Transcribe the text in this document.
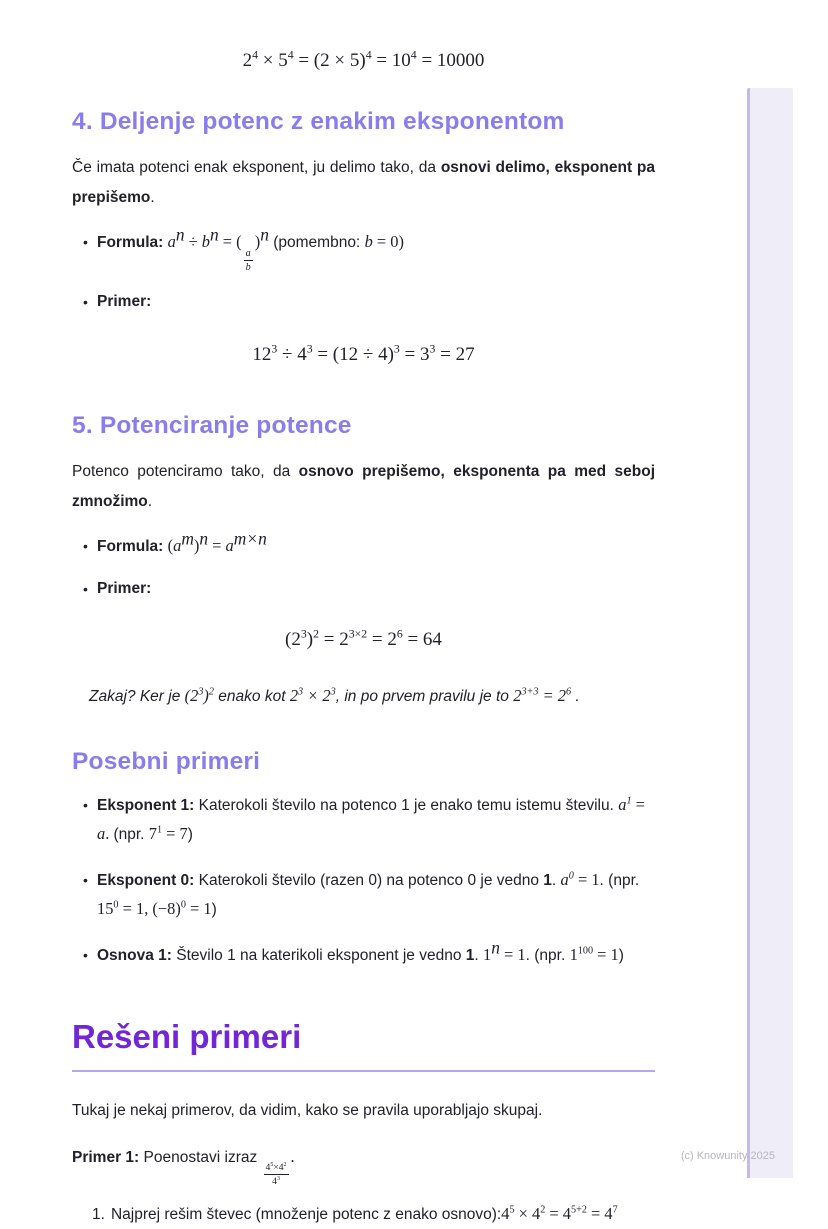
$2^4 \times 5^4 = (2 \times 5)^4 = 10^4 = 10000$
4. Deljenje potenc z enakim eksponentom

Če imata potenci enak eksponent, ju delimo tako, da osnovi delimo, eksponent pa prepišemo.

• Formula: $a^n \div b^n$ = (
$\frac{a}{b}$
)$^n$ (pomembno: b = 0)
• Primer:
$12^3 \div 4^3 = (12 \div 4)^3 = 3^3 = 27$
5. Potenciranje potence

Potenco potenciramo tako, da osnovo prepišemo, eksponenta pa med seboj zmnožimo.

• Formula: $(a^m)^n = a^{m\times n}$
• Primer:
$(2^3)^2 = 2^{3\times 2} = 2^6 = 64$

Zakaj? Ker je $(2^3)^2$ enako kot $2^3 \times 2^3$, in po prvem pravilu je to $2^{3+3} = 2^6$ .

Posebni primeri
• Eksponent 1: Katerokoli število na potenco 1 je enako temu istemu številu. $a^1 = a$. (npr. $7^1 = 7$)
• Eksponent 0: Katerokoli število (razen 0) na potenco 0 je vedno 1. $a^0 = 1$. (npr. $15^0 = 1$, $(-8)^0 = 1$)
• Osnova 1: Število 1 na katerikoli eksponent je vedno 1. $1^n = 1$. (npr. $1^{100} = 1$)
Rešeni primeri

Tukaj je nekaj primerov, da vidim, kako se pravila uporabljajo skupaj.

Primer 1: Poenostavi izraz
$\frac{4^5\times 4^2}{4^3}$
.

1. Najprej rešim števec (množenje potenc z enako $osnovo):4^5 \times 4^2 = 4^{5+2} = 4^7$
(c) Knowunity 2025
